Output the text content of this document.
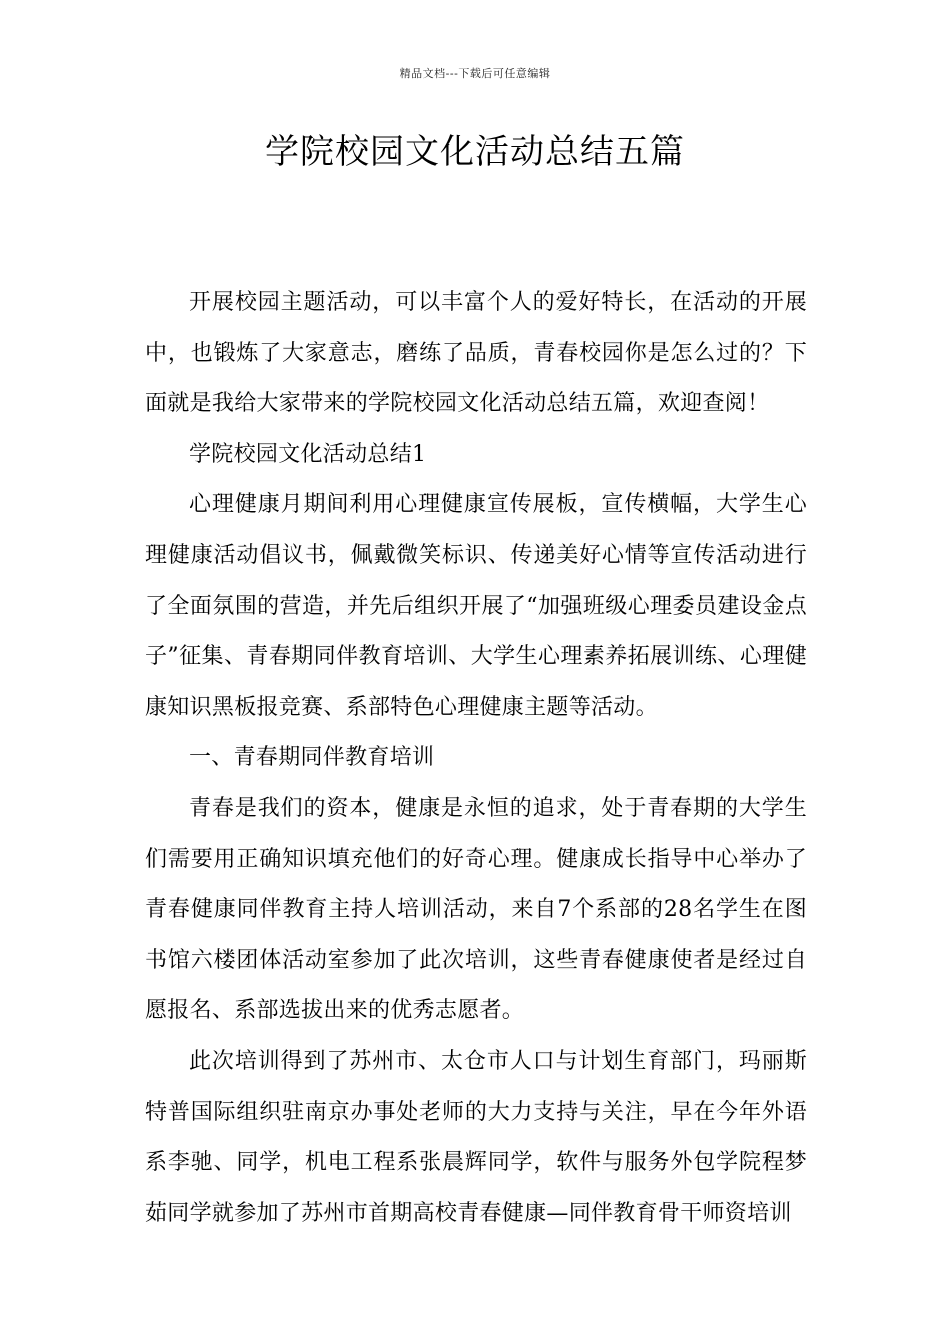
精品文档---下载后可任意编辑
学院校园文化活动总结五篇

开展校园主题活动，可以丰富个人的爱好特长，在活动的开展中，也锻炼了大家意志，磨练了品质，青春校园你是怎么过的？下面就是我给大家带来的学院校园文化活动总结五篇，欢迎查阅！

学院校园文化活动总结1

心理健康月期间利用心理健康宣传展板，宣传横幅，大学生心理健康活动倡议书，佩戴微笑标识、传递美好心情等宣传活动进行了全面氛围的营造，并先后组织开展了“加强班级心理委员建设金点子”征集、青春期同伴教育培训、大学生心理素养拓展训练、心理健康知识黑板报竞赛、系部特色心理健康主题等活动。

一、青春期同伴教育培训

青春是我们的资本，健康是永恒的追求，处于青春期的大学生们需要用正确知识填充他们的好奇心理。健康成长指导中心举办了青春健康同伴教育主持人培训活动，来自7个系部的28名学生在图书馆六楼团体活动室参加了此次培训，这些青春健康使者是经过自愿报名、系部选拔出来的优秀志愿者。

此次培训得到了苏州市、太仓市人口与计划生育部门，玛丽斯特普国际组织驻南京办事处老师的大力支持与关注，早在今年外语系李驰、同学，机电工程系张晨辉同学，软件与服务外包学院程梦茹同学就参加了苏州市首期高校青春健康—同伴教育骨干师资培训
